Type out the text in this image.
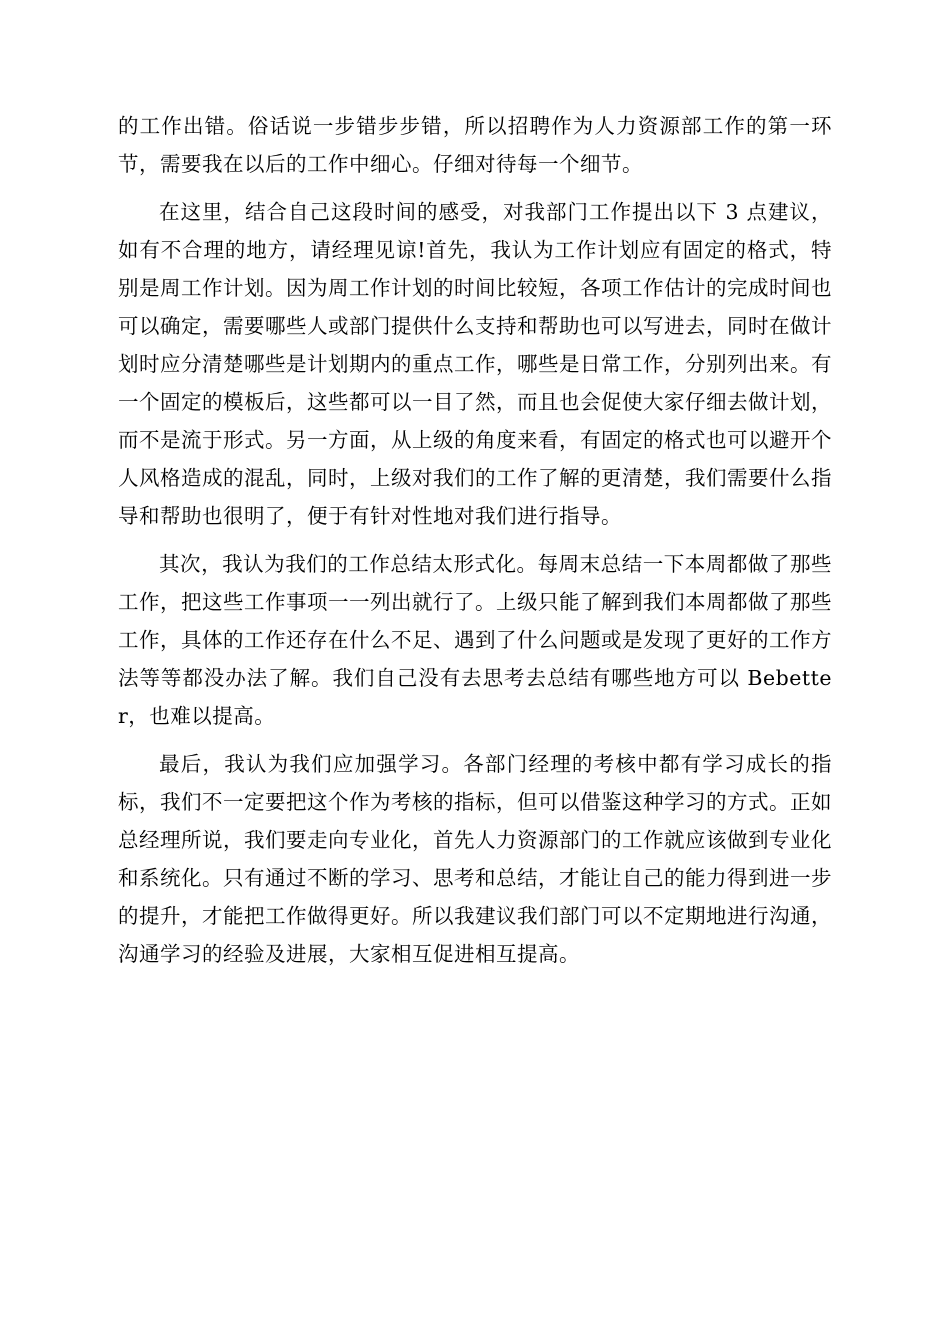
的工作出错。俗话说一步错步步错，所以招聘作为人力资源部工作的第一环节，需要我在以后的工作中细心。仔细对待每一个细节。

在这里，结合自己这段时间的感受，对我部门工作提出以下 3 点建议，如有不合理的地方，请经理见谅!首先，我认为工作计划应有固定的格式，特别是周工作计划。因为周工作计划的时间比较短，各项工作估计的完成时间也可以确定，需要哪些人或部门提供什么支持和帮助也可以写进去，同时在做计划时应分清楚哪些是计划期内的重点工作，哪些是日常工作，分别列出来。有一个固定的模板后，这些都可以一目了然，而且也会促使大家仔细去做计划，而不是流于形式。另一方面，从上级的角度来看，有固定的格式也可以避开个人风格造成的混乱，同时，上级对我们的工作了解的更清楚，我们需要什么指导和帮助也很明了，便于有针对性地对我们进行指导。

其次，我认为我们的工作总结太形式化。每周末总结一下本周都做了那些工作，把这些工作事项一一列出就行了。上级只能了解到我们本周都做了那些工作，具体的工作还存在什么不足、遇到了什么问题或是发现了更好的工作方法等等都没办法了解。我们自己没有去思考去总结有哪些地方可以 Bebetter，也难以提高。

最后，我认为我们应加强学习。各部门经理的考核中都有学习成长的指标，我们不一定要把这个作为考核的指标，但可以借鉴这种学习的方式。正如总经理所说，我们要走向专业化，首先人力资源部门的工作就应该做到专业化和系统化。只有通过不断的学习、思考和总结，才能让自己的能力得到进一步的提升，才能把工作做得更好。所以我建议我们部门可以不定期地进行沟通，沟通学习的经验及进展，大家相互促进相互提高。
